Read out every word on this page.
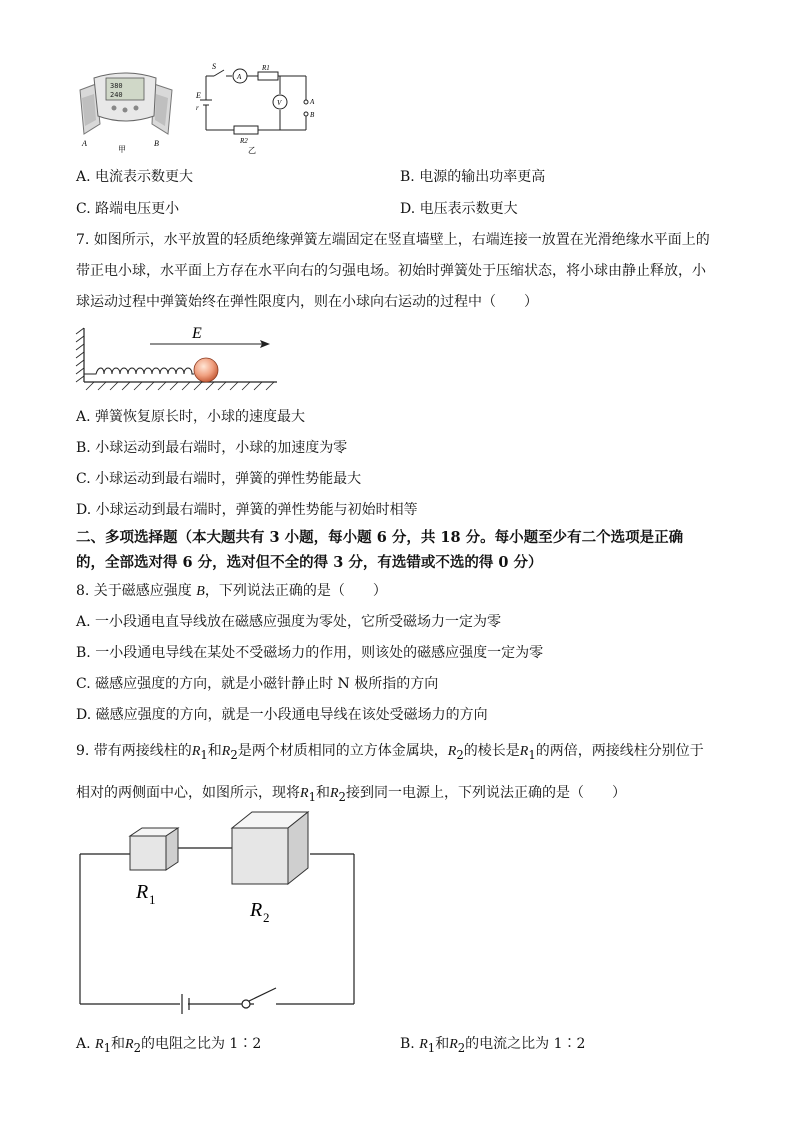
380
240
A	B
甲
S
A
R1
V
E
r
A
B
R2
乙
A. 电流表示数更大	B. 电源的输出功率更高
C. 路端电压更小	D. 电压表示数更大
7. 如图所示，水平放置的轻质绝缘弹簧左端固定在竖直墙壁上，右端连接一放置在光滑绝缘水平面上的
带正电小球，水平面上方存在水平向右的匀强电场。初始时弹簧处于压缩状态，将小球由静止释放，小
球运动过程中弹簧始终在弹性限度内，则在小球向右运动的过程中（　　）
E
A. 弹簧恢复原长时，小球的速度最大
B. 小球运动到最右端时，小球的加速度为零
C. 小球运动到最右端时，弹簧的弹性势能最大
D. 小球运动到最右端时，弹簧的弹性势能与初始时相等
二、多项选择题（本大题共有 3 小题，每小题 6 分，共 18 分。每小题至少有二个选项是正确
的，全部选对得 6 分，选对但不全的得 3 分，有选错或不选的得 0 分）
8. 关于磁感应强度 B，下列说法正确的是（　　）
A. 一小段通电直导线放在磁感应强度为零处，它所受磁场力一定为零
B. 一小段通电导线在某处不受磁场力的作用，则该处的磁感应强度一定为零
C. 磁感应强度的方向，就是小磁针静止时 N 极所指的方向
D. 磁感应强度的方向，就是一小段通电导线在该处受磁场力的方向
9. 带有两接线柱的$R_1$和$R_2$是两个材质相同的立方体金属块，$R_2$的棱长是$R_1$的两倍，两接线柱分别位于
相对的两侧面中心，如图所示，现将$R_1$和$R_2$接到同一电源上，下列说法正确的是（　　）
R 1	R 2
A. $R_1$和$R_2$的电阻之比为 1∶2	B. $R_1$和$R_2$的电流之比为 1∶2
